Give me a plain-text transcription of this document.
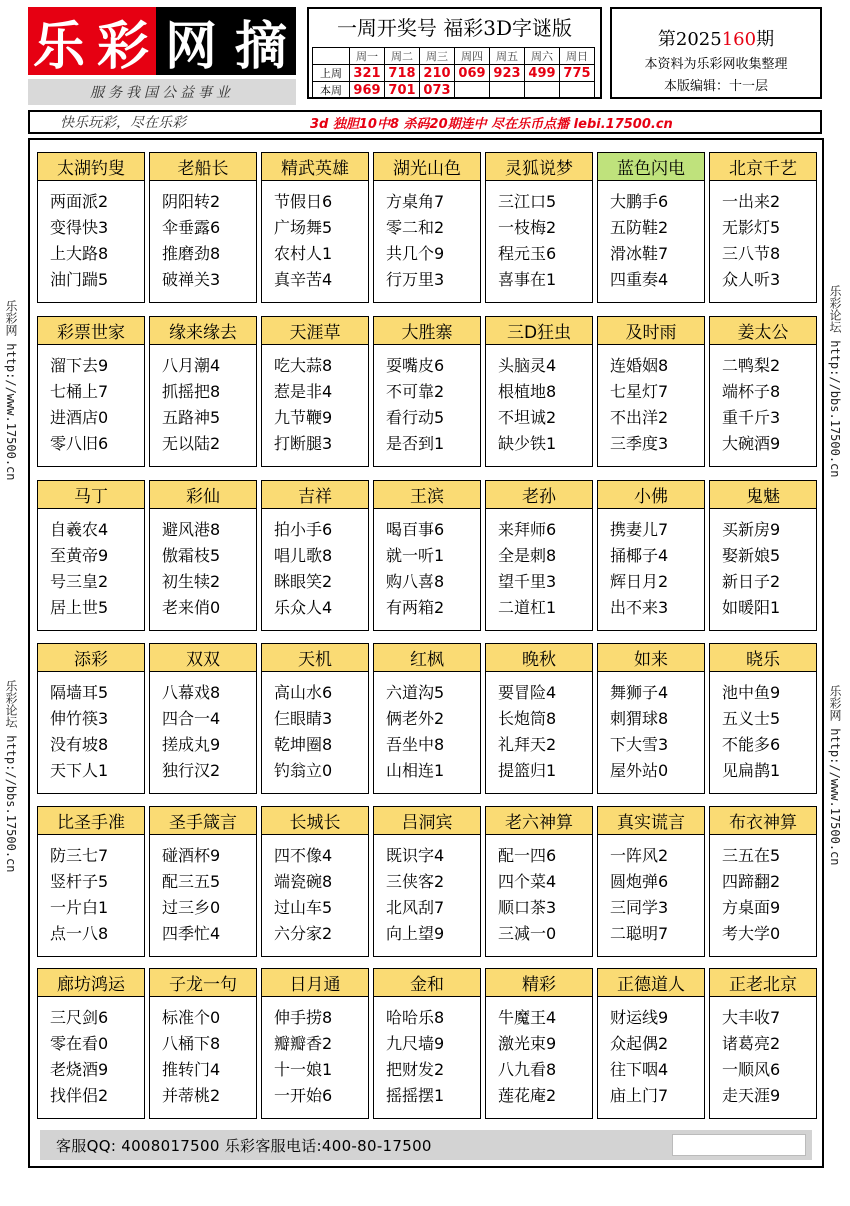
乐 彩 网 摘
服务我国公益事业
一周开奖号 福彩3D字谜版
	周一	周二	周三	周四	周五	周六	周日
上周	321	718	210	069	923	499	775
本周	969	701	073				
第2025160期
本资料为乐彩网收集整理
本版编辑：十一层
快乐玩彩，尽在乐彩	3d 独胆10中8 杀码20期连中 尽在乐币点播 lebi.17500.cn
乐彩网 http://www.17500.cn
乐彩论坛 http://bbs.17500.cn
乐彩论坛 http://bbs.17500.cn
乐彩网 http://www.17500.cn
太湖钓叟
两面派2
变得快3
上大路8
油门踹5
老船长
阴阳转2
伞垂露6
推磨劲8
破禅关3
精武英雄
节假日6
广场舞5
农村人1
真辛苦4
湖光山色
方桌角7
零二和2
共几个9
行万里3
灵狐说梦
三江口5
一枝梅2
程元玉6
喜事在1
蓝色闪电
大鹏手6
五防鞋2
滑冰鞋7
四重奏4
北京千艺
一出来2
无影灯5
三八节8
众人听3
彩票世家
溜下去9
七桶上7
进酒店0
零八旧6
缘来缘去
八月潮4
抓摇把8
五路神5
无以陆2
天涯草
吃大蒜8
惹是非4
九节鞭9
打断腿3
大胜寨
耍嘴皮6
不可靠2
看行动5
是否到1
三D狂虫
头脑灵4
根植地8
不坦诚2
缺少铁1
及时雨
连婚姻8
七星灯7
不出洋2
三季度3
姜太公
二鸭梨2
端杯子8
重千斤3
大碗酒9
马丁
自羲农4
至黄帝9
号三皇2
居上世5
彩仙
避风港8
傲霜枝5
初生犊2
老来俏0
吉祥
拍小手6
唱儿歌8
眯眼笑2
乐众人4
王滨
喝百事6
就一听1
购八喜8
有两箱2
老孙
来拜师6
全是刺8
望千里3
二道杠1
小佛
携妻儿7
捅椰子4
辉日月2
出不来3
鬼魅
买新房9
娶新娘5
新日子2
如暖阳1
添彩
隔墙耳5
伸竹筷3
没有坡8
天下人1
双双
八幕戏8
四合一4
搓成丸9
独行汉2
天机
高山水6
仨眼睛3
乾坤圈8
钓翁立0
红枫
六道沟5
俩老外2
吾坐中8
山相连1
晚秋
要冒险4
长炮筒8
礼拜天2
提篮归1
如来
舞狮子4
刺猬球8
下大雪3
屋外站0
晓乐
池中鱼9
五义士5
不能多6
见扁鹊1
比圣手准
防三七7
竖杆子5
一片白1
点一八8
圣手箴言
碰酒杯9
配三五5
过三乡0
四季忙4
长城长
四不像4
端瓷碗8
过山车5
六分家2
吕洞宾
既识字4
三侠客2
北风刮7
向上望9
老六神算
配一四6
四个菜4
顺口茶3
三减一0
真实谎言
一阵风2
圆炮弹6
三同学3
二聪明7
布衣神算
三五在5
四蹄翻2
方桌面9
考大学0
廊坊鸿运
三尺剑6
零在看0
老烧酒9
找伴侣2
子龙一句
标准个0
八桶下8
推转门4
并蒂桃2
日月通
伸手捞8
瓣瓣香2
十一娘1
一开始6
金和
哈哈乐8
九尺墙9
把财发2
摇摇摆1
精彩
牛魔王4
激光束9
八九看8
莲花庵2
正德道人
财运线9
众起偶2
往下咽4
庙上门7
正老北京
大丰收7
诸葛亮2
一顺风6
走天涯9
客服QQ: 4008017500 乐彩客服电话:400-80-17500
